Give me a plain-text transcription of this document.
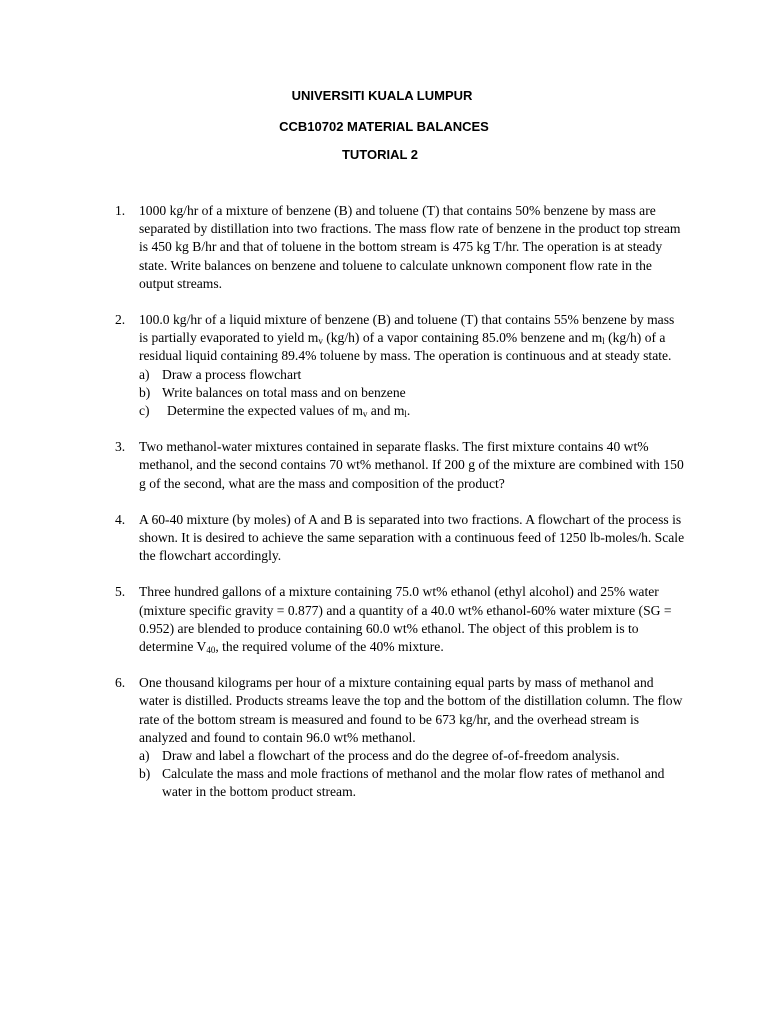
UNIVERSITI KUALA LUMPUR
CCB10702 MATERIAL BALANCES
TUTORIAL 2
1. 1000 kg/hr of a mixture of benzene (B) and toluene (T) that contains 50% benzene by mass are separated by distillation into two fractions. The mass flow rate of benzene in the product top stream is 450 kg B/hr and that of toluene in the bottom stream is 475 kg T/hr. The operation is at steady state. Write balances on benzene and toluene to calculate unknown component flow rate in the output streams.
2. 100.0 kg/hr of a liquid mixture of benzene (B) and toluene (T) that contains 55% benzene by mass is partially evaporated to yield $m_v$ (kg/h) of a vapor containing 85.0% benzene and $m_l$ (kg/h) of a residual liquid containing 89.4% toluene by mass. The operation is continuous and at steady state.
a) Draw a process flowchart
b) Write balances on total mass and on benzene
c) Determine the expected values of $m_v$ and $m_l$.
3. Two methanol-water mixtures contained in separate flasks. The first mixture contains 40 wt% methanol, and the second contains 70 wt% methanol. If 200 g of the mixture are combined with 150 g of the second, what are the mass and composition of the product?
4. A 60-40 mixture (by moles) of A and B is separated into two fractions. A flowchart of the process is shown. It is desired to achieve the same separation with a continuous feed of 1250 lb-moles/h. Scale the flowchart accordingly.
5. Three hundred gallons of a mixture containing 75.0 wt% ethanol (ethyl alcohol) and 25% water (mixture specific gravity = 0.877) and a quantity of a 40.0 wt% ethanol-60% water mixture (SG = 0.952) are blended to produce containing 60.0 wt% ethanol. The object of this problem is to determine $V_{40}$, the required volume of the 40% mixture.
6. One thousand kilograms per hour of a mixture containing equal parts by mass of methanol and water is distilled. Products streams leave the top and the bottom of the distillation column. The flow rate of the bottom stream is measured and found to be 673 kg/hr, and the overhead stream is analyzed and found to contain 96.0 wt% methanol.
a) Draw and label a flowchart of the process and do the degree of-of-freedom analysis.
b) Calculate the mass and mole fractions of methanol and the molar flow rates of methanol and water in the bottom product stream.
